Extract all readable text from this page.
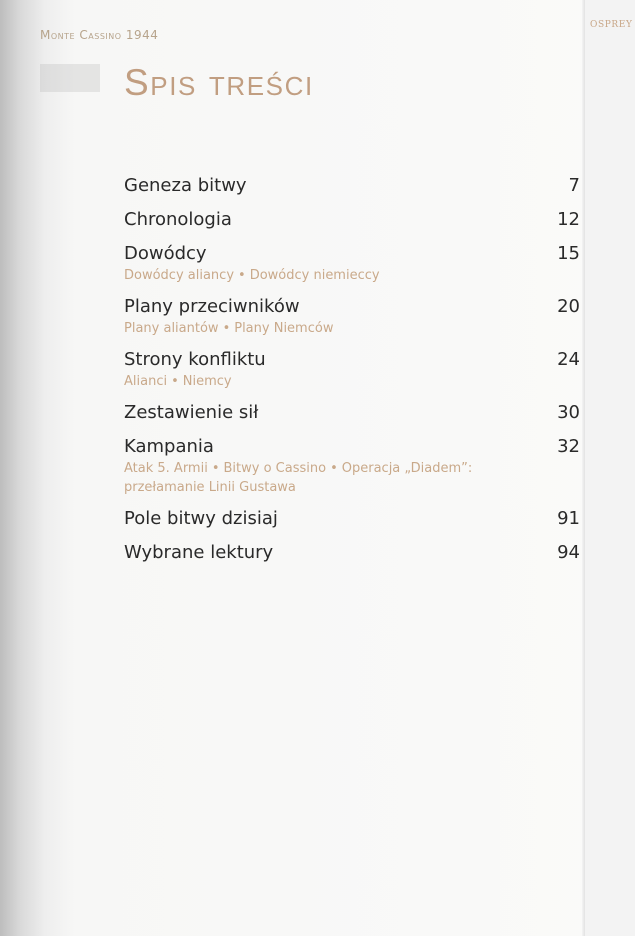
Monte Cassino 1944
Spis treści
Geneza bitwy	7
Chronologia	12
Dowódcy	15
Dowódcy aliancy • Dowódcy niemieccy
Plany przeciwników	20
Plany aliantów • Plany Niemców
Strony konfliktu	24
Alianci • Niemcy
Zestawienie sił	30
Kampania	32
Atak 5. Armii • Bitwy o Cassino • Operacja „Diadem”: przełamanie Linii Gustawa
Pole bitwy dzisiaj	91
Wybrane lektury	94
OSPREY
